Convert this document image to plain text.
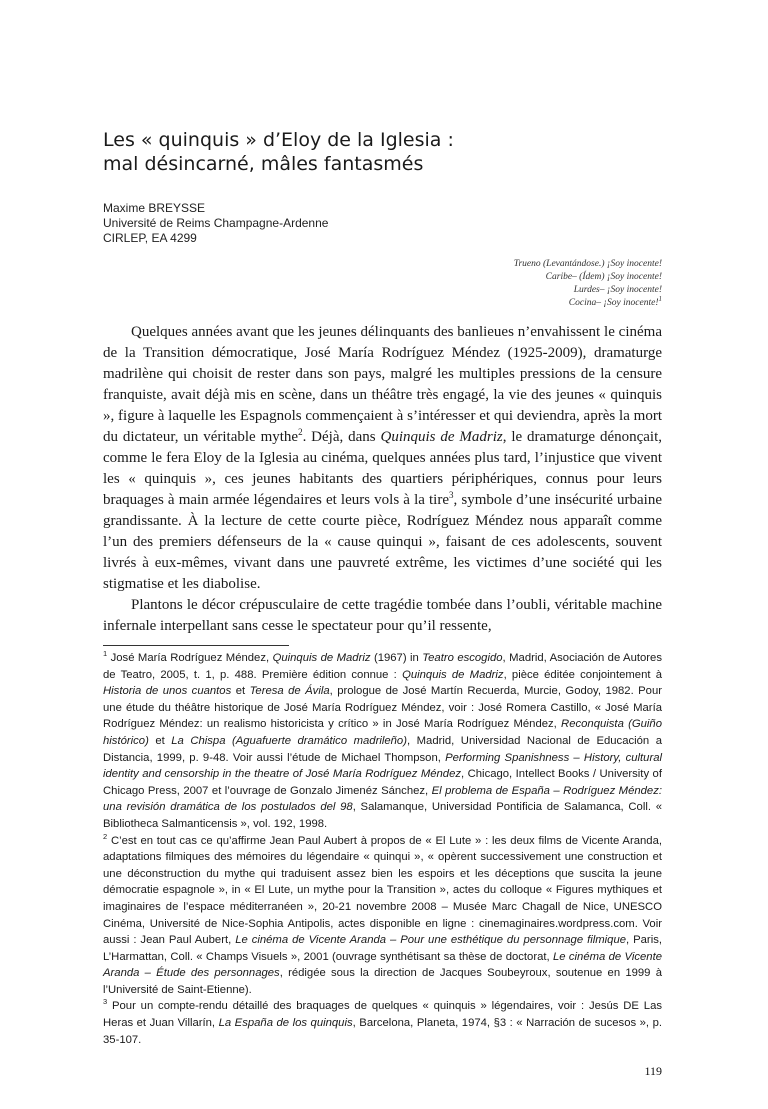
Les « quinquis » d’Eloy de la Iglesia :
mal désincarné, mâles fantasmés
Maxime BREYSSE
Université de Reims Champagne-Ardenne
CIRLEP, EA 4299
Trueno (Levantándose.) ¡Soy inocente!
Caribe– (Ídem) ¡Soy inocente!
Lurdes– ¡Soy inocente!
Cocina– ¡Soy inocente!$^1$

Quelques années avant que les jeunes délinquants des banlieues n’envahissent le cinéma de la Transition démocratique, José María Rodríguez Méndez (1925-2009), dramaturge madrilène qui choisit de rester dans son pays, malgré les multiples pressions de la censure franquiste, avait déjà mis en scène, dans un théâtre très engagé, la vie des jeunes « quinquis », figure à laquelle les Espagnols commençaient à s’intéresser et qui deviendra, après la mort du dictateur, un véritable mythe$^2$. Déjà, dans Quinquis de Madriz, le dramaturge dénonçait, comme le fera Eloy de la Iglesia au cinéma, quelques années plus tard, l’injustice que vivent les « quinquis », ces jeunes habitants des quartiers périphériques, connus pour leurs braquages à main armée légendaires et leurs vols à la tire$^3$, symbole d’une insécurité urbaine grandissante. À la lecture de cette courte pièce, Rodríguez Méndez nous apparaît comme l’un des premiers défenseurs de la « cause quinqui », faisant de ces adolescents, souvent livrés à eux-mêmes, vivant dans une pauvreté extrême, les victimes d’une société qui les stigmatise et les diabolise.

Plantons le décor crépusculaire de cette tragédie tombée dans l’oubli, véritable machine infernale interpellant sans cesse le spectateur pour qu’il ressente,

$^1$ José María Rodríguez Méndez, Quinquis de Madriz (1967) in Teatro escogido, Madrid, Asociación de Autores de Teatro, 2005, t. 1, p. 488. Première édition connue : Quinquis de Madriz, pièce éditée conjointement à Historia de unos cuantos et Teresa de Ávila, prologue de José Martín Recuerda, Murcie, Godoy, 1982. Pour une étude du théâtre historique de José María Rodríguez Méndez, voir : José Romera Castillo, « José María Rodríguez Méndez: un realismo historicista y crítico » in José María Rodríguez Méndez, Reconquista (Guiño histórico) et La Chispa (Aguafuerte dramático madrileño), Madrid, Universidad Nacional de Educación a Distancia, 1999, p. 9-48. Voir aussi l’étude de Michael Thompson, Performing Spanishness – History, cultural identity and censorship in the theatre of José María Rodríguez Méndez, Chicago, Intellect Books / University of Chicago Press, 2007 et l’ouvrage de Gonzalo Jimenéz Sánchez, El problema de España – Rodríguez Méndez: una revisión dramática de los postulados del 98, Salamanque, Universidad Pontificia de Salamanca, Coll. « Bibliotheca Salmanticensis », vol. 192, 1998.

$^2$ C’est en tout cas ce qu’affirme Jean Paul Aubert à propos de « El Lute » : les deux films de Vicente Aranda, adaptations filmiques des mémoires du légendaire « quinqui », « opèrent successivement une construction et une déconstruction du mythe qui traduisent assez bien les espoirs et les déceptions que suscita la jeune démocratie espagnole », in « El Lute, un mythe pour la Transition », actes du colloque « Figures mythiques et imaginaires de l’espace méditerranéen », 20-21 novembre 2008 – Musée Marc Chagall de Nice, UNESCO Cinéma, Université de Nice-Sophia Antipolis, actes disponible en ligne : cinemaginaires.wordpress.com. Voir aussi : Jean Paul Aubert, Le cinéma de Vicente Aranda – Pour une esthétique du personnage filmique, Paris, L’Harmattan, Coll. « Champs Visuels », 2001 (ouvrage synthétisant sa thèse de doctorat, Le cinéma de Vicente Aranda – Étude des personnages, rédigée sous la direction de Jacques Soubeyroux, soutenue en 1999 à l’Université de Saint-Etienne).

$^3$ Pour un compte-rendu détaillé des braquages de quelques « quinquis » légendaires, voir : Jesús DE Las Heras et Juan Villarín, La España de los quinquis, Barcelona, Planeta, 1974, §3 : « Narración de sucesos », p. 35-107.

119
